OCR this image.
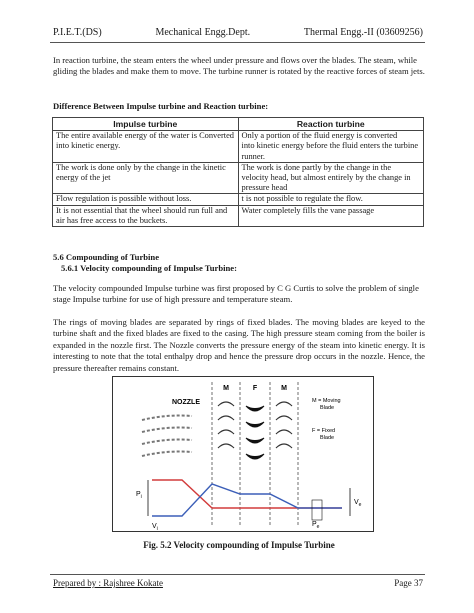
P.I.E.T.(DS)	Mechanical Engg.Dept.	Thermal Engg.-II (03609256)
In reaction turbine, the steam enters the wheel under pressure and flows over the blades. The steam, while gliding the blades and make them to move. The turbine runner is rotated by the reactive forces of steam jets.
Difference Between Impulse turbine and Reaction turbine:
Impulse turbine	Reaction turbine
The entire available energy of the water is Converted into kinetic energy.	Only a portion of the fluid energy is converted
into kinetic energy before the fluid enters the turbine runner.

The work is done only by the change in the kinetic energy of the jet	The work is done partly by the change in the velocity head, but almost entirely by the change in pressure head
Flow regulation is possible without loss.	t is not possible to regulate the flow.
It is not essential that the wheel should run full and air has free access to the buckets.	Water completely fills the vane passage
5.6 Compounding of Turbine
5.6.1 Velocity compounding of Impulse Turbine:
The velocity compounded Impulse turbine was first proposed by C G Curtis to solve the problem of single stage Impulse turbine for use of high pressure and temperature steam.
The rings of moving blades are separated by rings of fixed blades. The moving blades are keyed to the turbine shaft and the fixed blades are fixed to the casing. The high pressure steam coming from the boiler is expanded in the nozzle first. The Nozzle converts the pressure energy of the steam into kinetic energy. It is interesting to note that the total enthalpy drop and hence the pressure drop occurs in the nozzle. Hence, the pressure thereafter remains constant.
NOZZLE
M	F	M
M = Moving
Blade
F = Fixed
Blade
$P_i$
$V_i$
$P_e$
$V_e$
Fig. 5.2 Velocity compounding of Impulse Turbine
Prepared by : Rajshree Kokate	Page 37
